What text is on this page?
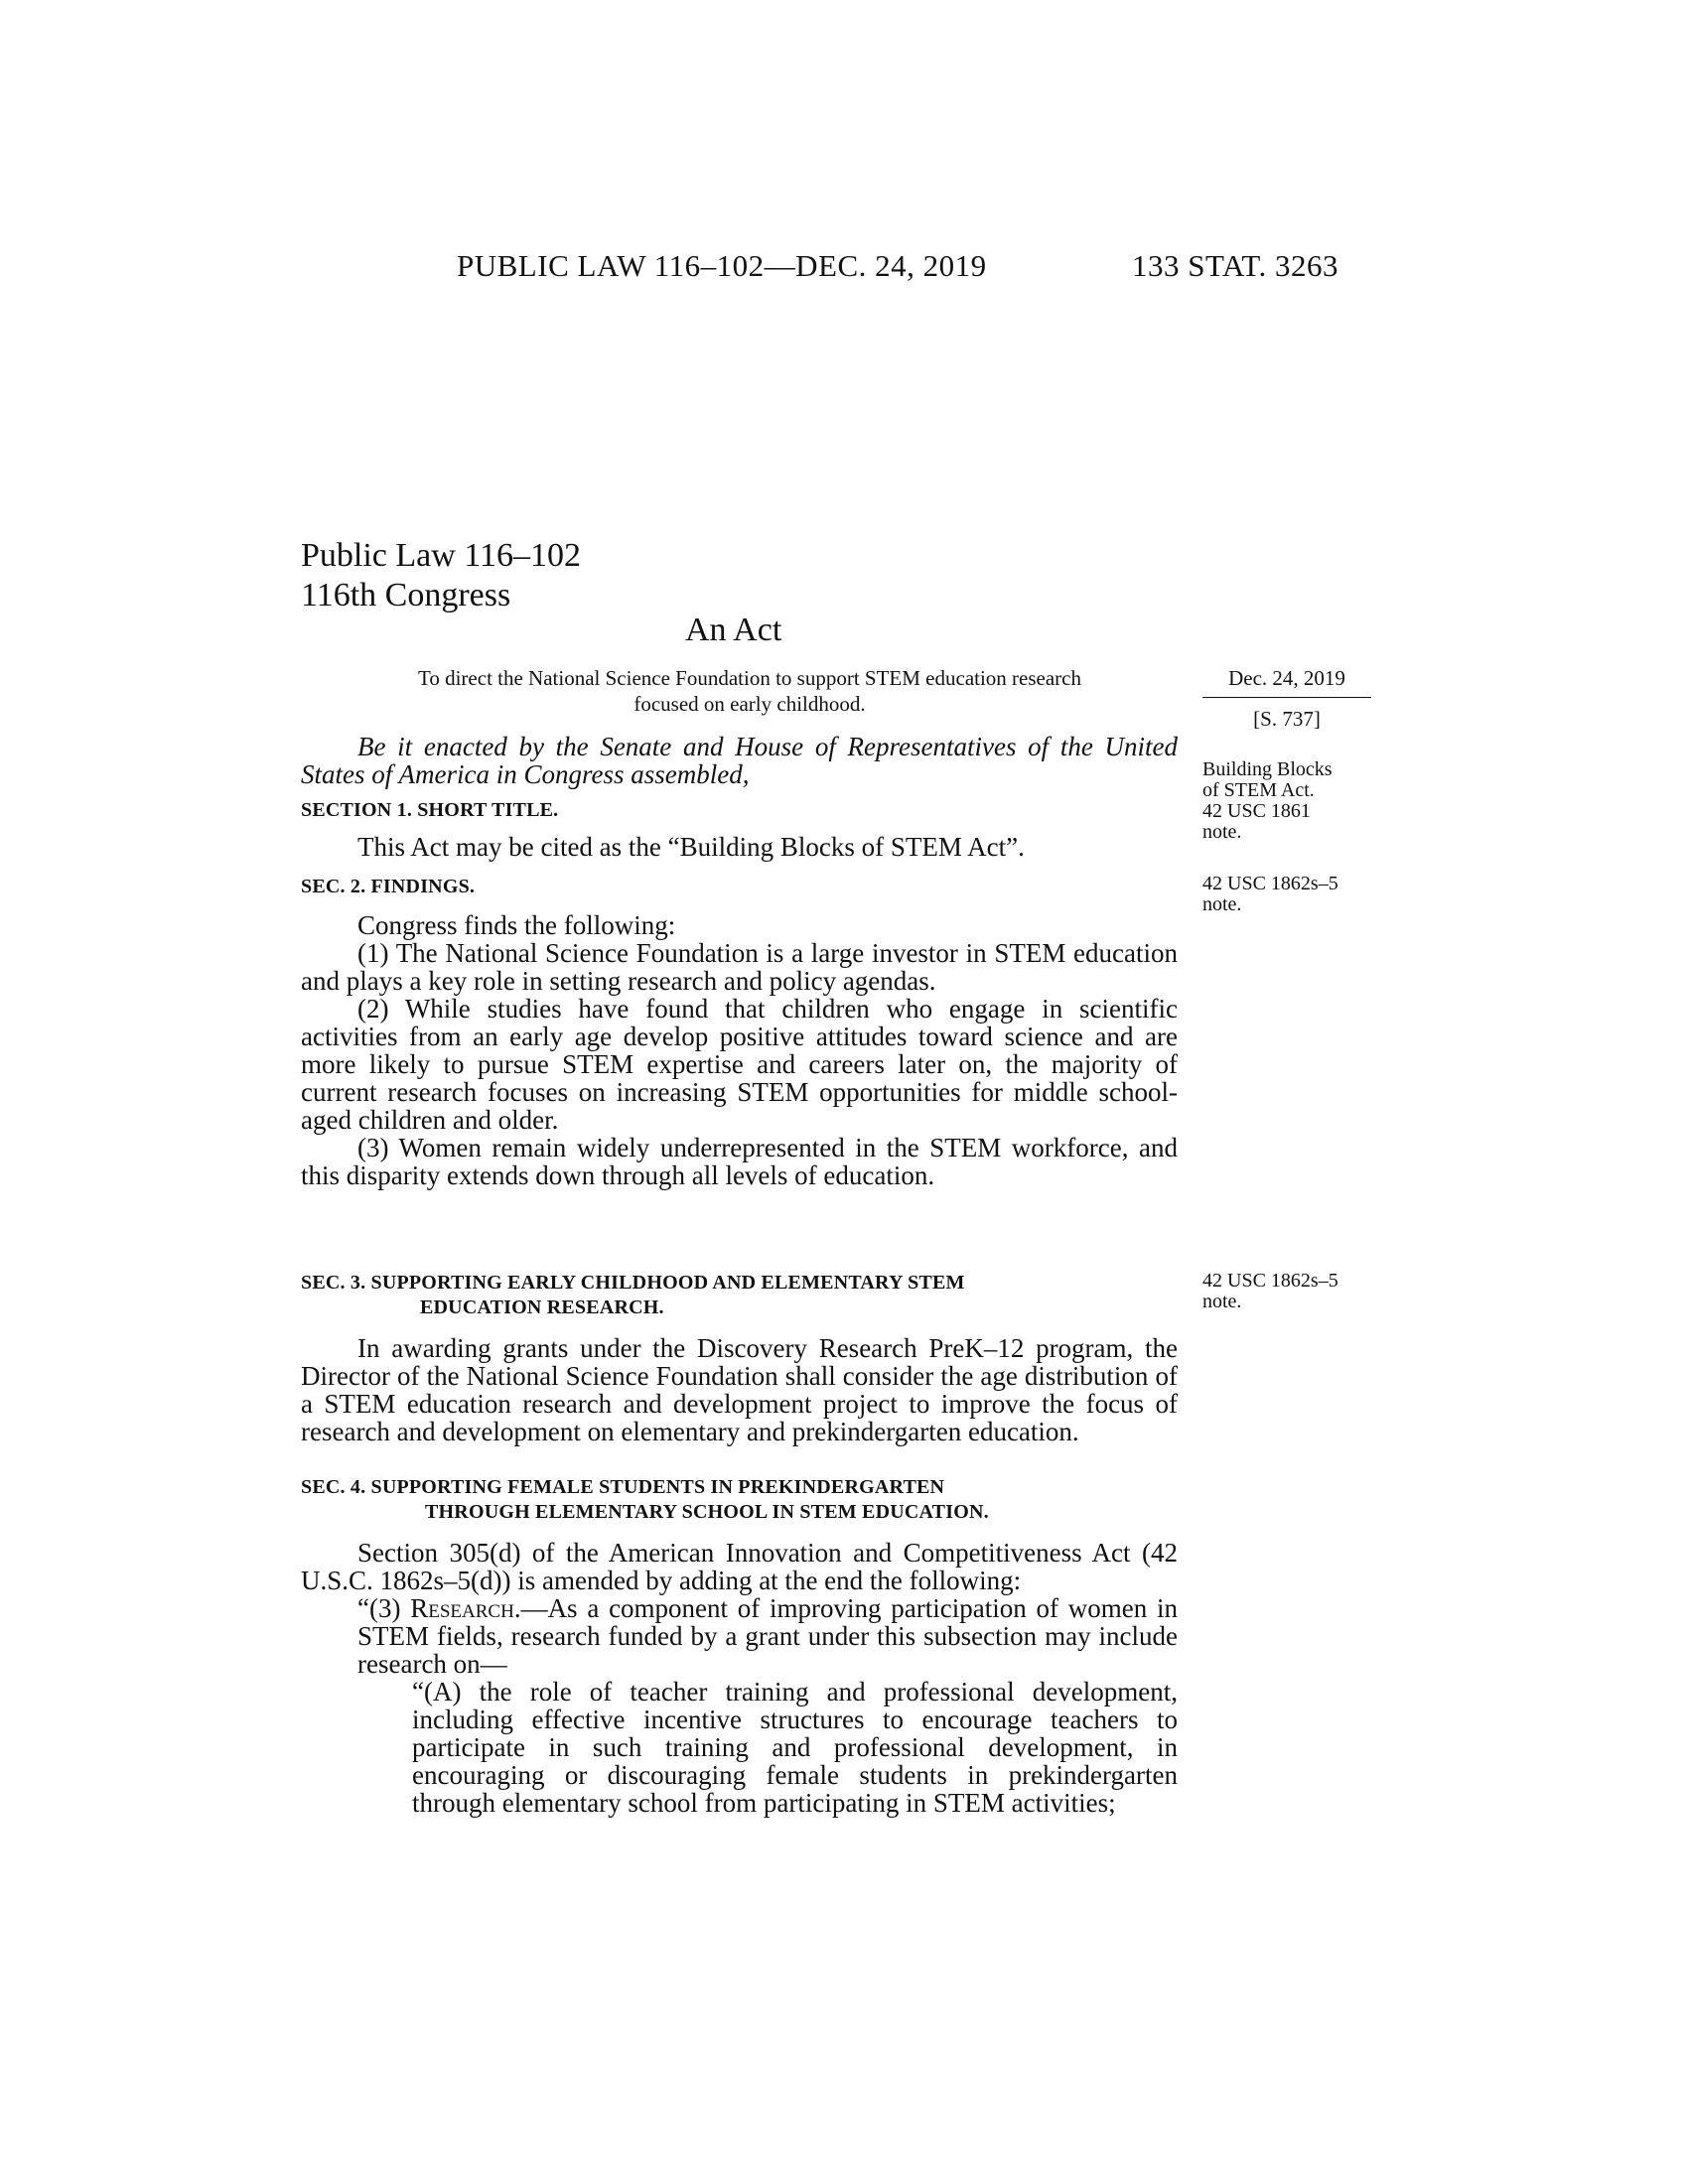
PUBLIC LAW 116–102—DEC. 24, 2019	133 STAT. 3263
Public Law 116–102
116th Congress
An Act
To direct the National Science Foundation to support STEM education research
focused on early childhood.
Dec. 24, 2019
[S. 737]
Be it enacted by the Senate and House of Representatives of the United States of America in Congress assembled,
SECTION 1. SHORT TITLE.
This Act may be cited as the “Building Blocks of STEM Act”.
SEC. 2. FINDINGS.
Congress finds the following:
(1) The National Science Foundation is a large investor in STEM education and plays a key role in setting research and policy agendas.
(2) While studies have found that children who engage in scientific activities from an early age develop positive attitudes toward science and are more likely to pursue STEM expertise and careers later on, the majority of current research focuses on increasing STEM opportunities for middle school-aged children and older.
(3) Women remain widely underrepresented in the STEM workforce, and this disparity extends down through all levels of education.
SEC. 3. SUPPORTING EARLY CHILDHOOD AND ELEMENTARY STEM
EDUCATION RESEARCH.
In awarding grants under the Discovery Research PreK–12 program, the Director of the National Science Foundation shall consider the age distribution of a STEM education research and development project to improve the focus of research and development on elementary and prekindergarten education.
SEC. 4. SUPPORTING FEMALE STUDENTS IN PREKINDERGARTEN
THROUGH ELEMENTARY SCHOOL IN STEM EDUCATION.
Section 305(d) of the American Innovation and Competitiveness Act (42 U.S.C. 1862s–5(d)) is amended by adding at the end the following:
“(3) Research.—As a component of improving participation of women in STEM fields, research funded by a grant under this subsection may include research on—
“(A) the role of teacher training and professional development, including effective incentive structures to encourage teachers to participate in such training and professional development, in encouraging or discouraging female students in prekindergarten through elementary school from participating in STEM activities;
Building Blocks
of STEM Act.
42 USC 1861
note.
42 USC 1862s–5
note.
42 USC 1862s–5
note.
